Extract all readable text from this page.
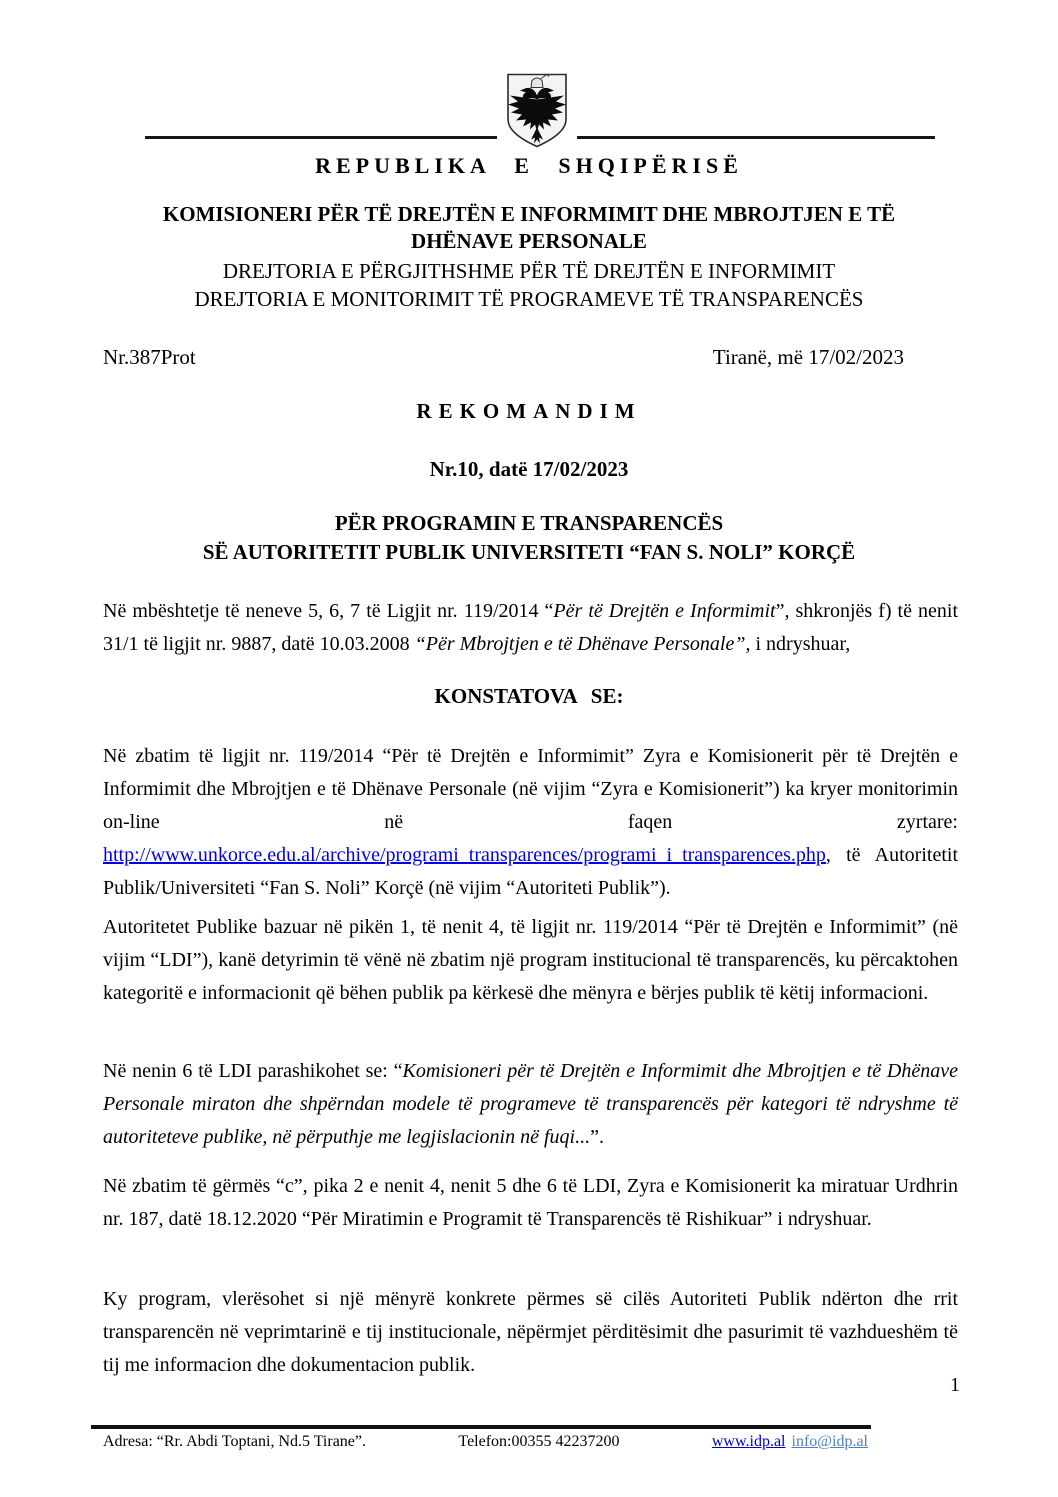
REPUBLIKA E SHQIPËRISË
KOMISIONERI PËR TË DREJTËN E INFORMIMIT DHE MBROJTJEN E TË
DHËNAVE PERSONALE
DREJTORIA E PËRGJITHSHME PËR TË DREJTËN E INFORMIMIT
DREJTORIA E MONITORIMIT TË PROGRAMEVE TË TRANSPARENCËS
Nr.387Prot	Tiranë, më 17/02/2023
REKOMANDIM
Nr.10, datë 17/02/2023
PËR PROGRAMIN E TRANSPARENCËS
SË AUTORITETIT PUBLIK UNIVERSITETI “FAN S. NOLI” KORÇË
Në mbështetje të neneve 5, 6, 7 të Ligjit nr. 119/2014 “Për të Drejtën e Informimit”, shkronjës f) të nenit 31/1 të ligjit nr. 9887, datë 10.03.2008 “Për Mbrojtjen e të Dhënave Personale”, i ndryshuar,
KONSTATOVA SE:
Në zbatim të ligjit nr. 119/2014 “Për të Drejtën e Informimit” Zyra e Komisionerit për të Drejtën e Informimit dhe Mbrojtjen e të Dhënave Personale (në vijim “Zyra e Komisionerit”) ka kryer monitorimin on-line në faqen zyrtare: http://www.unkorce.edu.al/archive/programi_transparences/programi_i_transparences.php, të Autoritetit Publik/Universiteti “Fan S. Noli” Korçë (në vijim “Autoriteti Publik”).
Autoritetet Publike bazuar në pikën 1, të nenit 4, të ligjit nr. 119/2014 “Për të Drejtën e Informimit” (në vijim “LDI”), kanë detyrimin të vënë në zbatim një program institucional të transparencës, ku përcaktohen kategoritë e informacionit që bëhen publik pa kërkesë dhe mënyra e bërjes publik të këtij informacioni.
Në nenin 6 të LDI parashikohet se: “Komisioneri për të Drejtën e Informimit dhe Mbrojtjen e të Dhënave Personale miraton dhe shpërndan modele të programeve të transparencës për kategori të ndryshme të autoriteteve publike, në përputhje me legjislacionin në fuqi...”.
Në zbatim të gërmës “c”, pika 2 e nenit 4, nenit 5 dhe 6 të LDI, Zyra e Komisionerit ka miratuar Urdhrin nr. 187, datë 18.12.2020 “Për Miratimin e Programit të Transparencës të Rishikuar” i ndryshuar.
Ky program, vlerësohet si një mënyrë konkrete përmes së cilës Autoriteti Publik ndërton dhe rrit transparencën në veprimtarinë e tij institucionale, nëpërmjet përditësimit dhe pasurimit të vazhdueshëm të tij me informacion dhe dokumentacion publik.
1
Adresa: “Rr. Abdi Toptani, Nd.5 Tirane”.	Telefon:00355 42237200	www.idp.al info@idp.al
